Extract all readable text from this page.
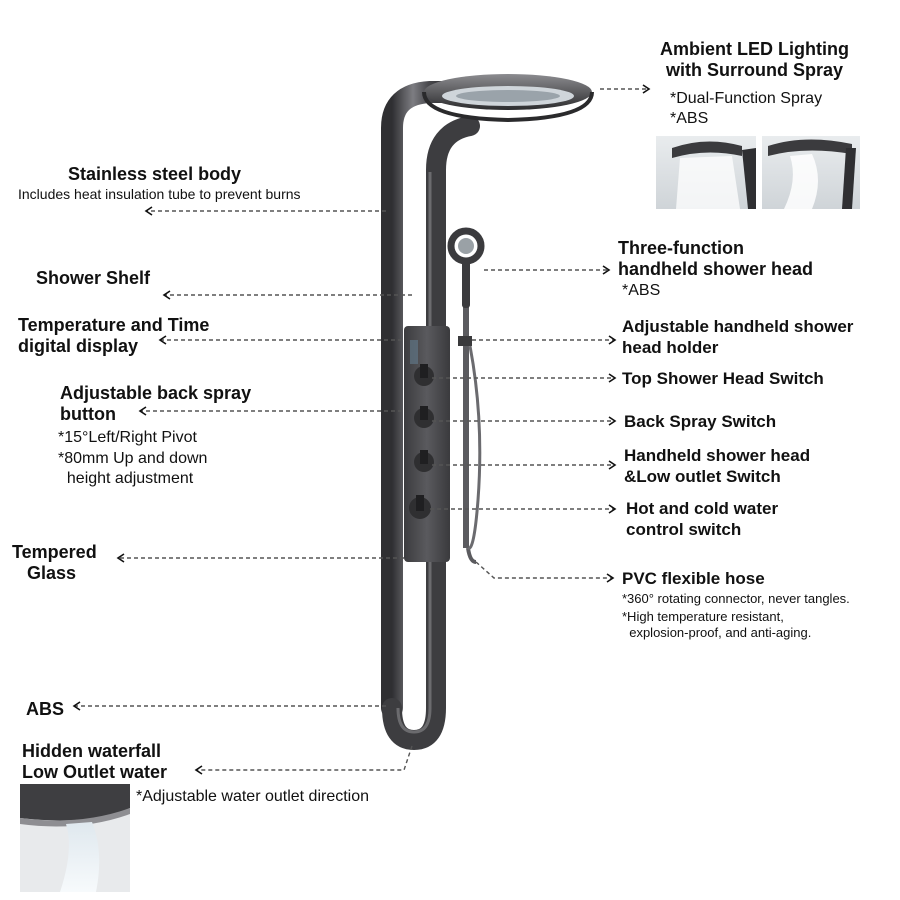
Ambient LED Lighting
with Surround Spray
*Dual-Function Spray
*ABS
Three-function
handheld shower head
*ABS
Adjustable handheld shower
head holder
Top Shower Head Switch
Back Spray Switch
Handheld shower head
&Low outlet Switch
Hot and cold water
control switch
PVC flexible hose
*360° rotating connector, never tangles.
*High temperature resistant,
explosion-proof, and anti-aging.
Stainless steel body
Includes heat insulation tube to prevent burns
Shower Shelf
Temperature and Time
digital display
Adjustable back spray
button
*15°Left/Right Pivot
*80mm Up and down
height adjustment
Tempered
Glass
ABS
Hidden waterfall
Low Outlet water
*Adjustable water outlet direction
